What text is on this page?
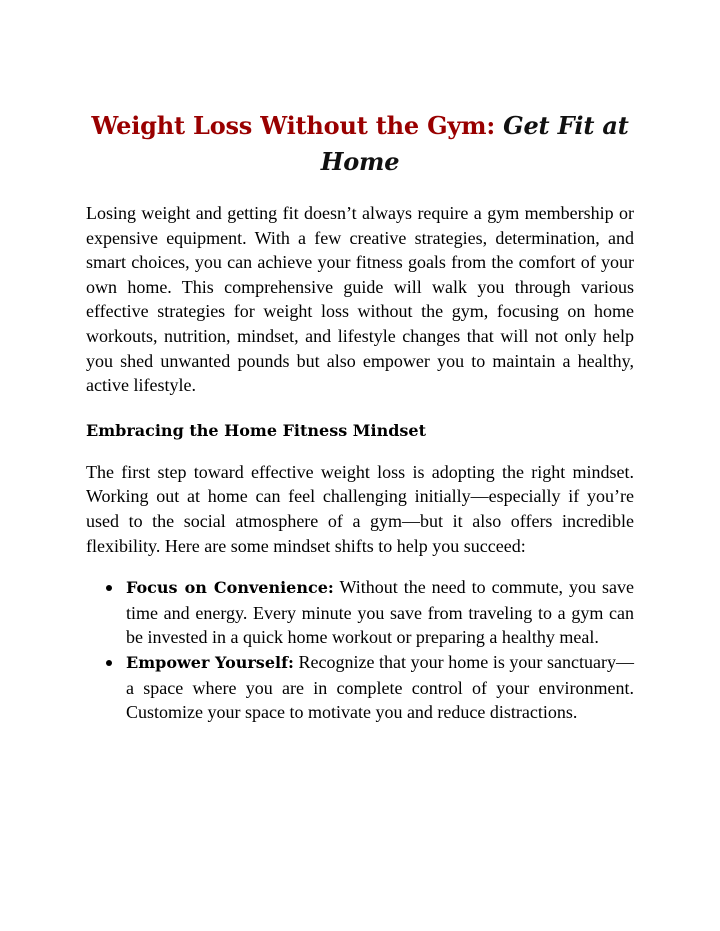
Weight Loss Without the Gym: Get Fit at Home

Losing weight and getting fit doesn’t always require a gym membership or expensive equipment. With a few creative strategies, determination, and smart choices, you can achieve your fitness goals from the comfort of your own home. This comprehensive guide will walk you through various effective strategies for weight loss without the gym, focusing on home workouts, nutrition, mindset, and lifestyle changes that will not only help you shed unwanted pounds but also empower you to maintain a healthy, active lifestyle.

Embracing the Home Fitness Mindset

The first step toward effective weight loss is adopting the right mindset. Working out at home can feel challenging initially—especially if you’re used to the social atmosphere of a gym—but it also offers incredible flexibility. Here are some mindset shifts to help you succeed:

Focus on Convenience: Without the need to commute, you save time and energy. Every minute you save from traveling to a gym can be invested in a quick home workout or preparing a healthy meal.
Empower Yourself: Recognize that your home is your sanctuary—a space where you are in complete control of your environment. Customize your space to motivate you and reduce distractions.
